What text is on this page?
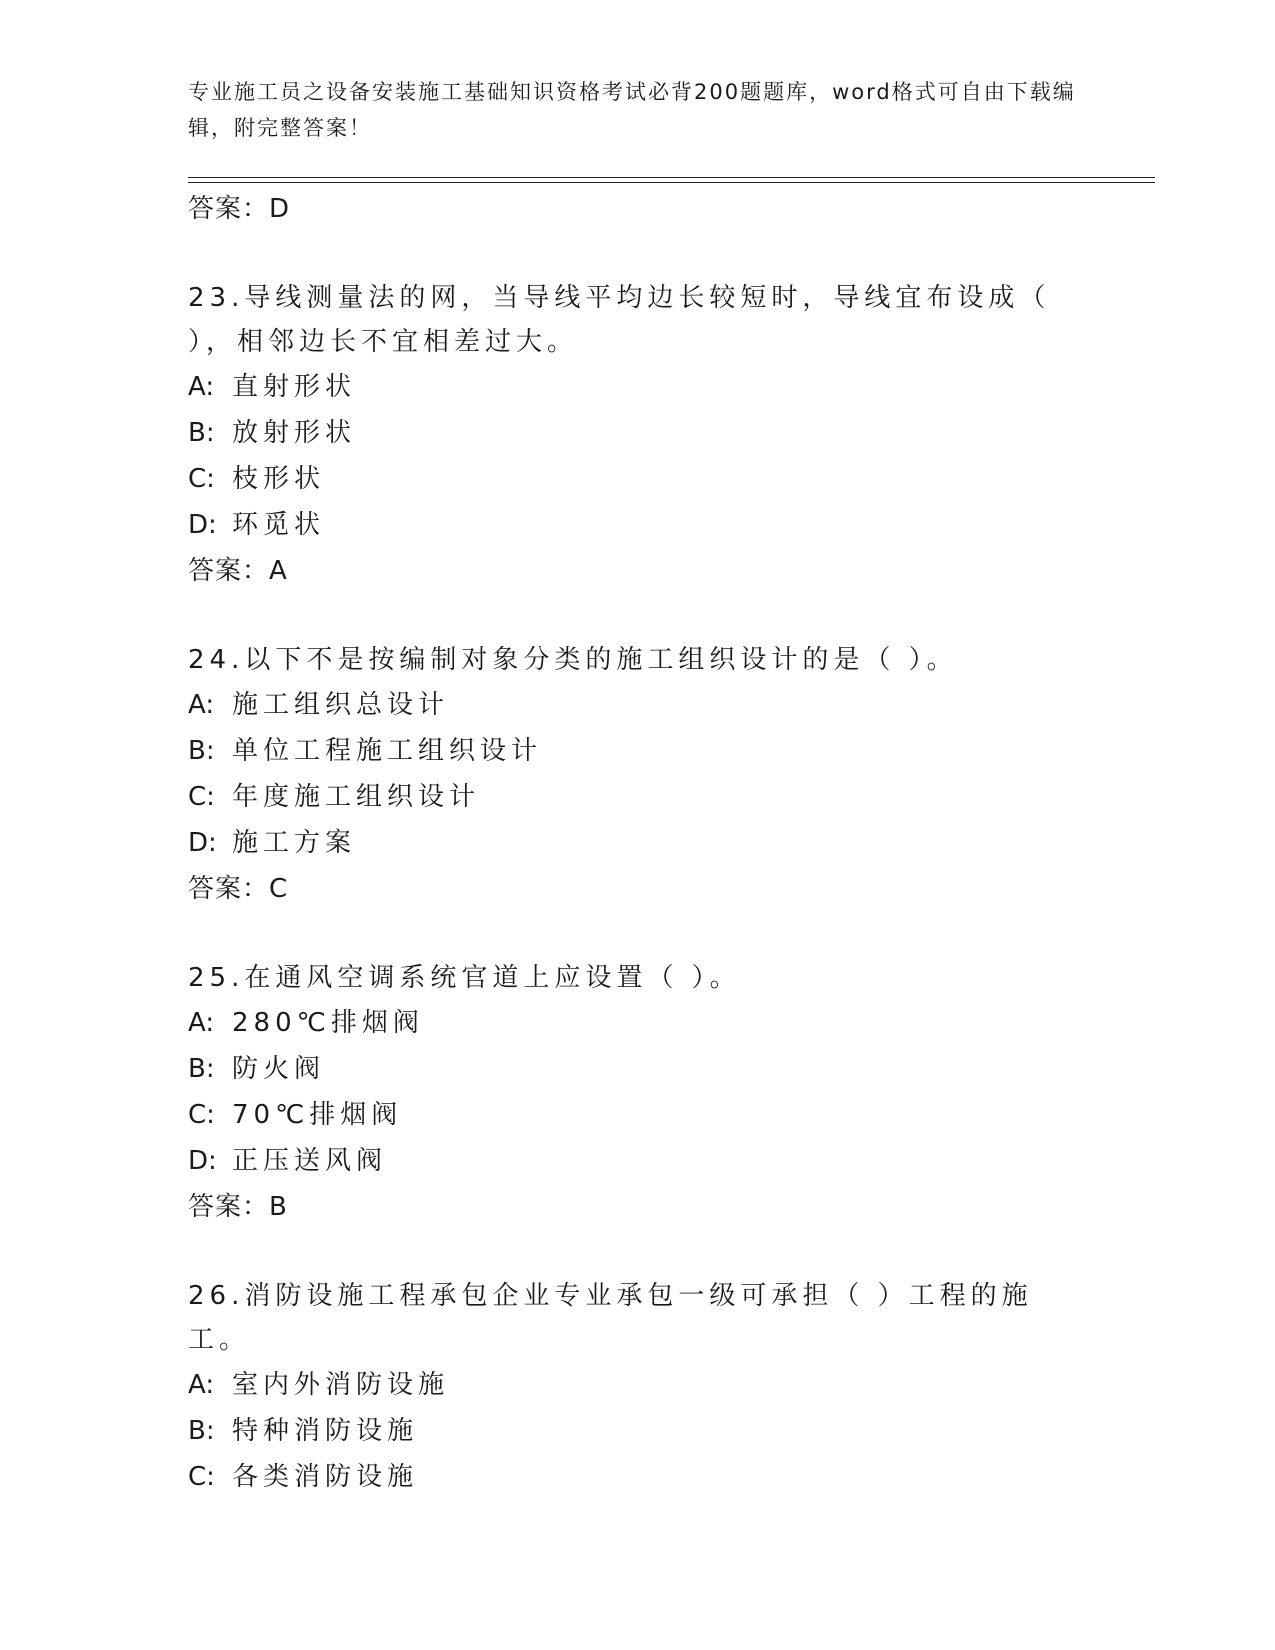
专业施工员之设备安装施工基础知识资格考试必背200题题库，word格式可自由下载编辑，附完整答案！
答案：D
23.导线测量法的网，当导线平均边长较短时，导线宜布设成（ ），相邻边长不宜相差过大。
A: 直射形状
B: 放射形状
C: 枝形状
D: 环觅状
答案：A
24.以下不是按编制对象分类的施工组织设计的是（ ）。
A: 施工组织总设计
B: 单位工程施工组织设计
C: 年度施工组织设计
D: 施工方案
答案：C
25.在通风空调系统官道上应设置（ ）。
A: 280℃排烟阀
B: 防火阀
C: 70℃排烟阀
D: 正压送风阀
答案：B
26.消防设施工程承包企业专业承包一级可承担（ ）工程的施工。
A: 室内外消防设施
B: 特种消防设施
C: 各类消防设施
